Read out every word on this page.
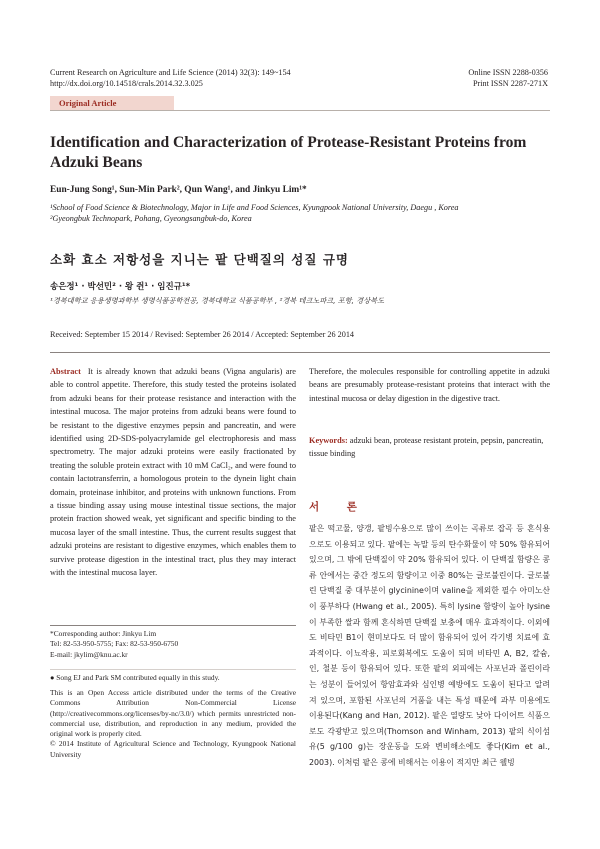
Current Research on Agriculture and Life Science (2014) 32(3): 149~154
http://dx.doi.org/10.14518/crals.2014.32.3.025
Online ISSN 2288-0356
Print ISSN 2287-271X
Original Article
Identification and Characterization of Protease-Resistant Proteins from Adzuki Beans
Eun-Jung Song¹, Sun-Min Park², Qun Wang¹, and Jinkyu Lim¹*
¹School of Food Science & Biotechnology, Major in Life and Food Sciences, Kyungpook National University, Daegu , Korea
²Gyeongbuk Technopark, Pohang, Gyeongsangbuk-do, Korea
소화 효소 저항성을 지니는 팥 단백질의 성질 규명
송은정¹ · 박선민² · 왕 쥔¹ · 임진규¹*
¹경북대학교 응용생명과학부 생명식품공학전공, 경북대학교 식품공학부 , ²경북 테크노파크, 포항, 경상북도
Received: September 15 2014 / Revised: September 26 2014 / Accepted: September 26 2014
Abstract It is already known that adzuki beans (Vigna angularis) are able to control appetite. Therefore, this study tested the proteins isolated from adzuki beans for their protease resistance and interaction with the intestinal mucosa. The major proteins from adzuki beans were found to be resistant to the digestive enzymes pepsin and pancreatin, and were identified using 2D-SDS-polyacrylamide gel electrophoresis and mass spectrometry. The major adzuki proteins were easily fractionated by treating the soluble protein extract with 10 mM CaCl₂, and were found to contain lactotransferrin, a homologous protein to the dynein light chain domain, proteinase inhibitor, and proteins with unknown functions. From a tissue binding assay using mouse intestinal tissue sections, the major protein fraction showed weak, yet significant and specific binding to the mucosa layer of the small intestine. Thus, the current results suggest that adzuki proteins are resistant to digestive enzymes, which enables them to survive protease digestion in the intestinal tract, plus they may interact with the intestinal mucosa layer.
Therefore, the molecules responsible for controlling appetite in adzuki beans are presumably protease-resistant proteins that interact with the intestinal mucosa or delay digestion in the digestive tract.
Keywords: adzuki bean, protease resistant protein, pepsin, pancreatin, tissue binding
서 론
팥은 떡고물, 양갱, 팥빙수용으로 많이 쓰이는 곡류로 잡곡 등 혼식용으로도 이용되고 있다. 팥에는 녹말 등의 탄수화물이 약 50% 함유되어 있으며, 그 밖에 단백질이 약 20% 함유되어 있다. 이 단백질 함량은 콩류 안에서는 중간 정도의 함량이고 이중 80%는 글로불린이다. 글로불린 단백질 중 대부분이 glycinine이며 valine을 제외한 필수 아미노산이 풍부하다 (Hwang et al., 2005). 특히 lysine 함량이 높아 lysine이 부족한 쌀과 함께 혼식하면 단백질 보충에 매우 효과적이다. 이외에도 비타민 B1이 현미보다도 더 많이 함유되어 있어 각기병 치료에 효과적이다. 이뇨작용, 피로회복에도 도움이 되며 비타민 A, B2, 칼슘, 인, 철분 등이 함유되어 있다. 또한 팥의 외피에는 사포닌과 폴린이라는 성분이 들어있어 항암효과와 심인병 예방에도 도움이 된다고 알려져 있으며, 포함된 사포닌의 거품을 내는 특성 때문에 과부 미용에도 이용된다(Kang and Han, 2012). 팥은 열량도 낮아 다이어트 식품으로도 각광받고 있으며(Thomson and Winham, 2013) 팥의 식이섬유(5 g/100 g)는 장운동을 도와 변비해소에도 좋다(Kim et al., 2003). 이처럼 팥은 콩에 비해서는 이용이 적지만 최근 웰빙
*Corresponding author: Jinkyu Lim
Tel: 82-53-950-5755; Fax: 82-53-950-6750
E-mail: jkylim@knu.ac.kr
● Song EJ and Park SM contributed equally in this study.
This is an Open Access article distributed under the terms of the Creative Commons Attribution Non-Commercial License (http://creativecommons.org/licenses/by-nc/3.0/) which permits unrestricted non-commercial use, distribution, and reproduction in any medium, provided the original work is properly cited.
© 2014 Institute of Agricultural Science and Technology, Kyungpook National University
